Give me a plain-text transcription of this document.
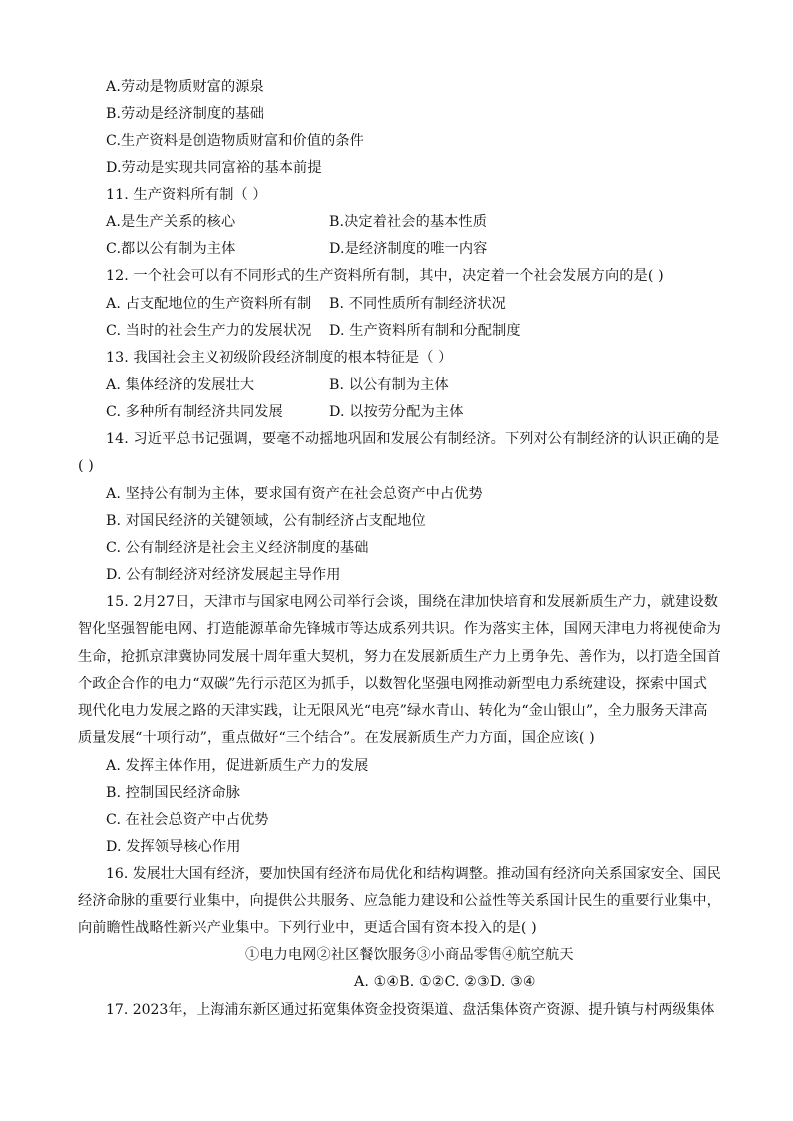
A.劳动是物质财富的源泉
B.劳动是经济制度的基础
C.生产资料是创造物质财富和价值的条件
D.劳动是实现共同富裕的基本前提
11. 生产资料所有制（ ）
A.是生产关系的核心	B.决定着社会的基本性质
C.都以公有制为主体	D.是经济制度的唯一内容
12. 一个社会可以有不同形式的生产资料所有制，其中，决定着一个社会发展方向的是( )
A. 占支配地位的生产资料所有制 B. 不同性质所有制经济状况
C. 当时的社会生产力的发展状况 D. 生产资料所有制和分配制度
13. 我国社会主义初级阶段经济制度的根本特征是（ ）
A. 集体经济的发展壮大	B. 以公有制为主体
C. 多种所有制经济共同发展	D. 以按劳分配为主体
14. 习近平总书记强调，要毫不动摇地巩固和发展公有制经济。下列对公有制经济的认识正确的是
( )
A. 坚持公有制为主体，要求国有资产在社会总资产中占优势
B. 对国民经济的关键领域，公有制经济占支配地位
C. 公有制经济是社会主义经济制度的基础
D. 公有制经济对经济发展起主导作用
15. 2月27日，天津市与国家电网公司举行会谈，围绕在津加快培育和发展新质生产力，就建设数
智化坚强智能电网、打造能源革命先锋城市等达成系列共识。作为落实主体，国网天津电力将视使命为
生命，抢抓京津冀协同发展十周年重大契机，努力在发展新质生产力上勇争先、善作为，以打造全国首
个政企合作的电力“双碳”先行示范区为抓手，以数智化坚强电网推动新型电力系统建设，探索中国式
现代化电力发展之路的天津实践，让无限风光“电亮”绿水青山、转化为“金山银山”，全力服务天津高
质量发展“十项行动”，重点做好“三个结合”。在发展新质生产力方面，国企应该( )
A. 发挥主体作用，促进新质生产力的发展
B. 控制国民经济命脉
C. 在社会总资产中占优势
D. 发挥领导核心作用
16. 发展壮大国有经济，要加快国有经济布局优化和结构调整。推动国有经济向关系国家安全、国民
经济命脉的重要行业集中，向提供公共服务、应急能力建设和公益性等关系国计民生的重要行业集中，
向前瞻性战略性新兴产业集中。下列行业中，更适合国有资本投入的是( )
①电力电网②社区餐饮服务③小商品零售④航空航天
A. ①④B. ①②C. ②③D. ③④
17. 2023年，上海浦东新区通过拓宽集体资金投资渠道、盘活集体资产资源、提升镇与村两级集体
